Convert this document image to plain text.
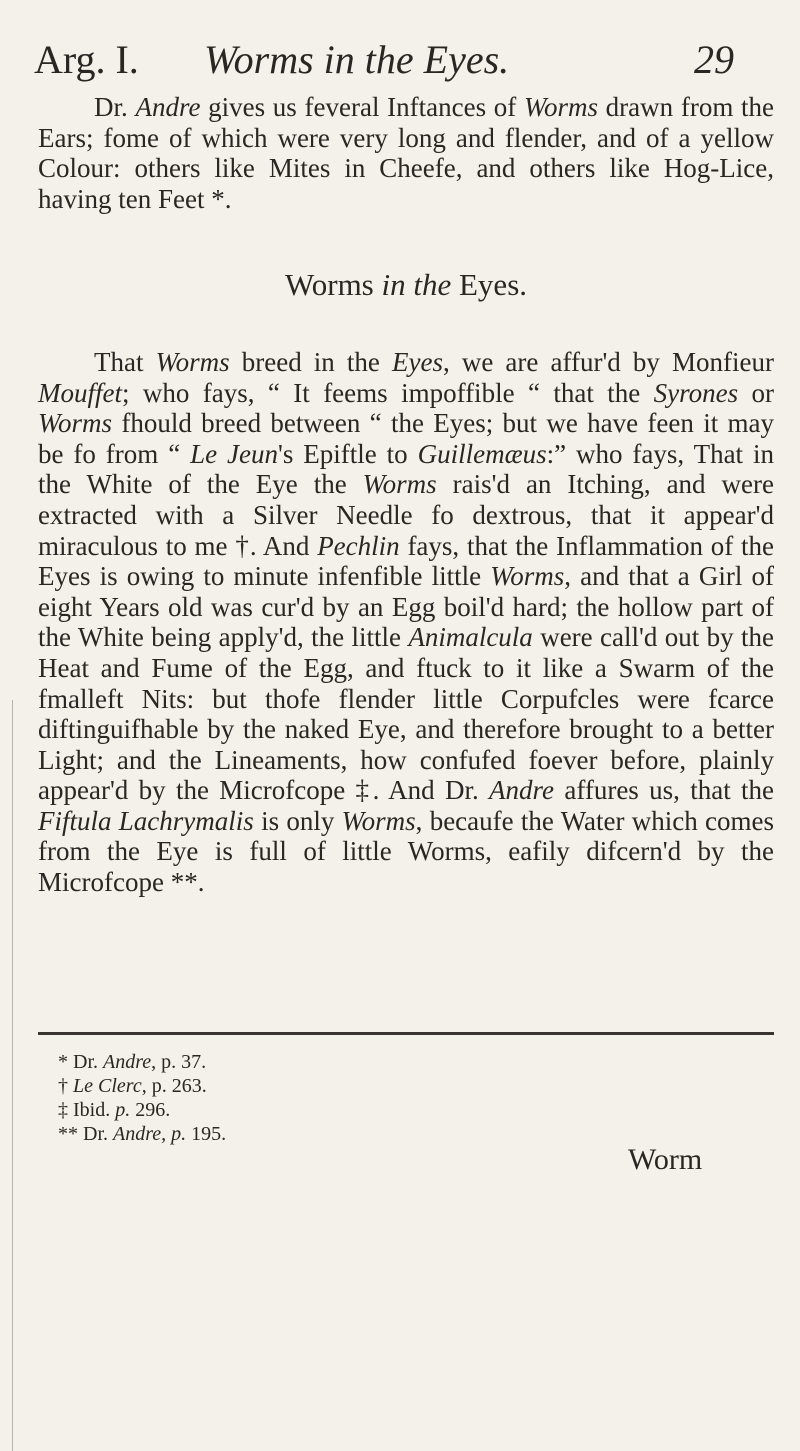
Arg. I. Worms in the Eyes.	29

Dr. Andre gives us feveral Inftances of Worms drawn from the Ears; fome of which were very long and flender, and of a yellow Colour: others like Mites in Cheefe, and others like Hog-Lice, having ten Feet *.

Worms in the Eyes.

That Worms breed in the Eyes, we are affur'd by Monfieur Mouffet; who fays, “ It feems impoffible “ that the Syrones or Worms fhould breed between “ the Eyes; but we have feen it may be fo from “ Le Jeun's Epiftle to Guillemæus:” who fays, That in the White of the Eye the Worms rais'd an Itching, and were extracted with a Silver Needle fo dextrous, that it appear'd miraculous to me †. And Pechlin fays, that the Inflammation of the Eyes is owing to minute infenfible little Worms, and that a Girl of eight Years old was cur'd by an Egg boil'd hard; the hollow part of the White being apply'd, the little Animalcula were call'd out by the Heat and Fume of the Egg, and ftuck to it like a Swarm of the fmalleft Nits: but thofe flender little Corpufcles were fcarce diftinguifhable by the naked Eye, and therefore brought to a better Light; and the Lineaments, how confufed foever before, plainly appear'd by the Microfcope ‡. And Dr. Andre affures us, that the Fiftula Lachrymalis is only Worms, becaufe the Water which comes from the Eye is full of little Worms, eafily difcern'd by the Microfcope **.

* Dr. Andre, p. 37.

† Le Clerc, p. 263.

‡ Ibid. p. 296.

** Dr. Andre, p. 195.

Worm
